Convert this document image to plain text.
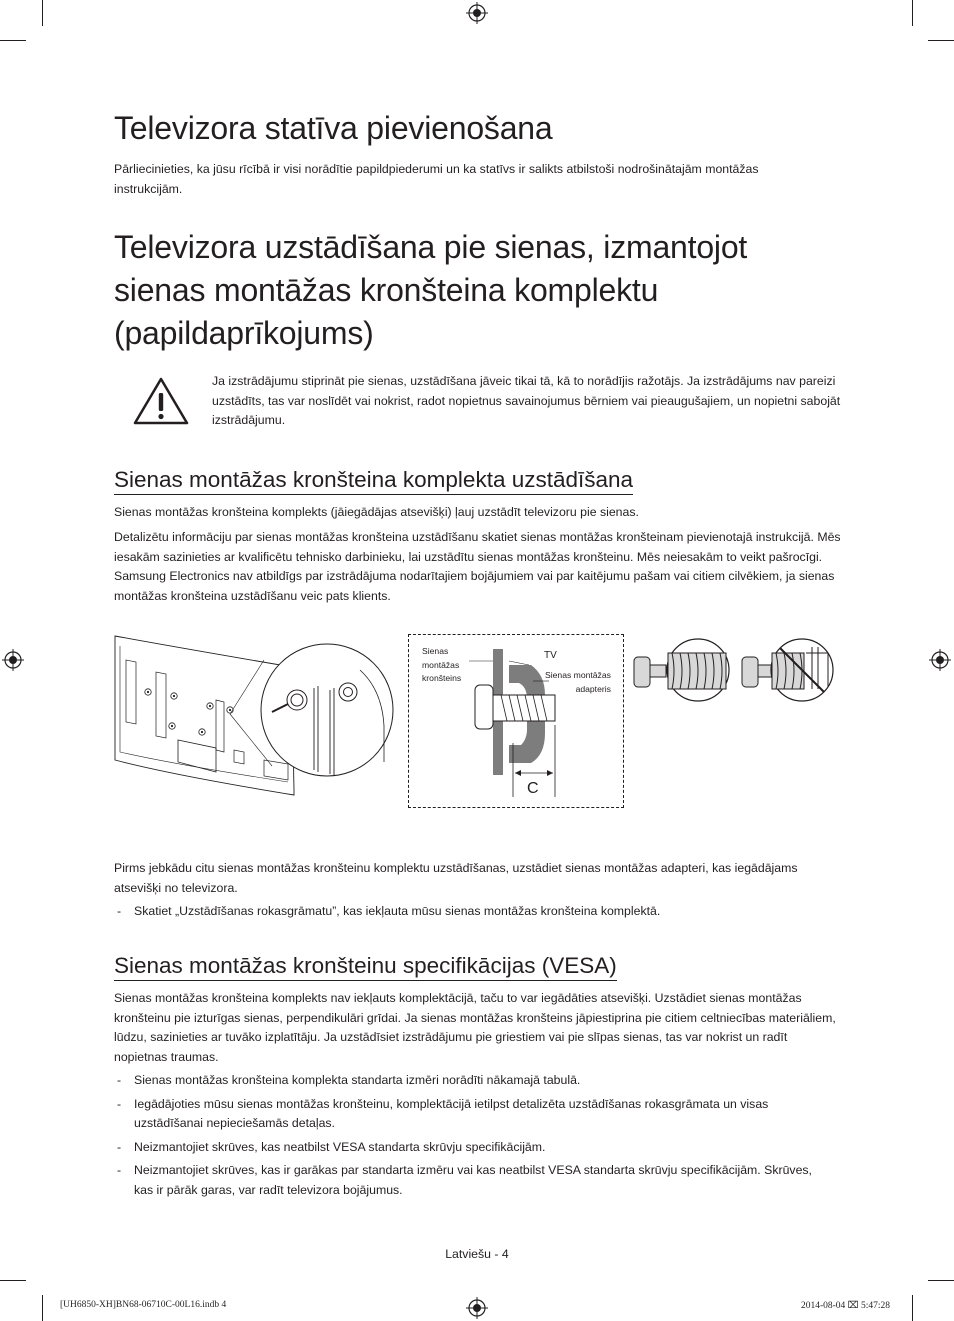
Televizora statīva pievienošana

Pārliecinieties, ka jūsu rīcībā ir visi norādītie papildpiederumi un ka statīvs ir salikts atbilstoši nodrošinātajām montāžas instrukcijām.

Televizora uzstādīšana pie sienas, izmantojot
sienas montāžas kronšteina komplektu
(papildaprīkojums)

Ja izstrādājumu stiprināt pie sienas, uzstādīšana jāveic tikai tā, kā to norādījis ražotājs. Ja izstrādājums nav pareizi uzstādīts, tas var noslīdēt vai nokrist, radot nopietnus savainojumus bērniem vai pieaugušajiem, un nopietni sabojāt izstrādājumu.

Sienas montāžas kronšteina komplekta uzstādīšana

Sienas montāžas kronšteina komplekts (jāiegādājas atsevišķi) ļauj uzstādīt televizoru pie sienas.

Detalizētu informāciju par sienas montāžas kronšteina uzstādīšanu skatiet sienas montāžas kronšteinam pievienotajā instrukcijā. Mēs iesakām sazinieties ar kvalificētu tehnisko darbinieku, lai uzstādītu sienas montāžas kronšteinu. Mēs neiesakām to veikt pašrocīgi. Samsung Electronics nav atbildīgs par izstrādājuma nodarītajiem bojājumiem vai par kaitējumu pašam vai citiem cilvēkiem, ja sienas montāžas kronšteina uzstādīšanu veic pats klients.

Sienas
montāžas
kronšteins
TV
Sienas montāžas
adapteris
C

Pirms jebkādu citu sienas montāžas kronšteinu komplektu uzstādīšanas, uzstādiet sienas montāžas adapteri, kas iegādājams atsevišķi no televizora.

- Skatiet „Uzstādīšanas rokasgrāmatu”, kas iekļauta mūsu sienas montāžas kronšteina komplektā.
Sienas montāžas kronšteinu specifikācijas (VESA)

Sienas montāžas kronšteina komplekts nav iekļauts komplektācijā, taču to var iegādāties atsevišķi. Uzstādiet sienas montāžas kronšteinu pie izturīgas sienas, perpendikulāri grīdai. Ja sienas montāžas kronšteins jāpiestiprina pie citiem celtniecības materiāliem, lūdzu, sazinieties ar tuvāko izplatītāju. Ja uzstādīsiet izstrādājumu pie griestiem vai pie slīpas sienas, tas var nokrist un radīt nopietnas traumas.

- Sienas montāžas kronšteina komplekta standarta izmēri norādīti nākamajā tabulā.
- Iegādājoties mūsu sienas montāžas kronšteinu, komplektācijā ietilpst detalizēta uzstādīšanas rokasgrāmata un visas uzstādīšanai nepieciešamās detaļas.
- Neizmantojiet skrūves, kas neatbilst VESA standarta skrūvju specifikācijām.
- Neizmantojiet skrūves, kas ir garākas par standarta izmēru vai kas neatbilst VESA standarta skrūvju specifikācijām. Skrūves, kas ir pārāk garas, var radīt televizora bojājumus.
Latviešu - 4
[UH6850-XH]BN68-06710C-00L16.indb 4	2014-08-04 ⌧ 5:47:28
